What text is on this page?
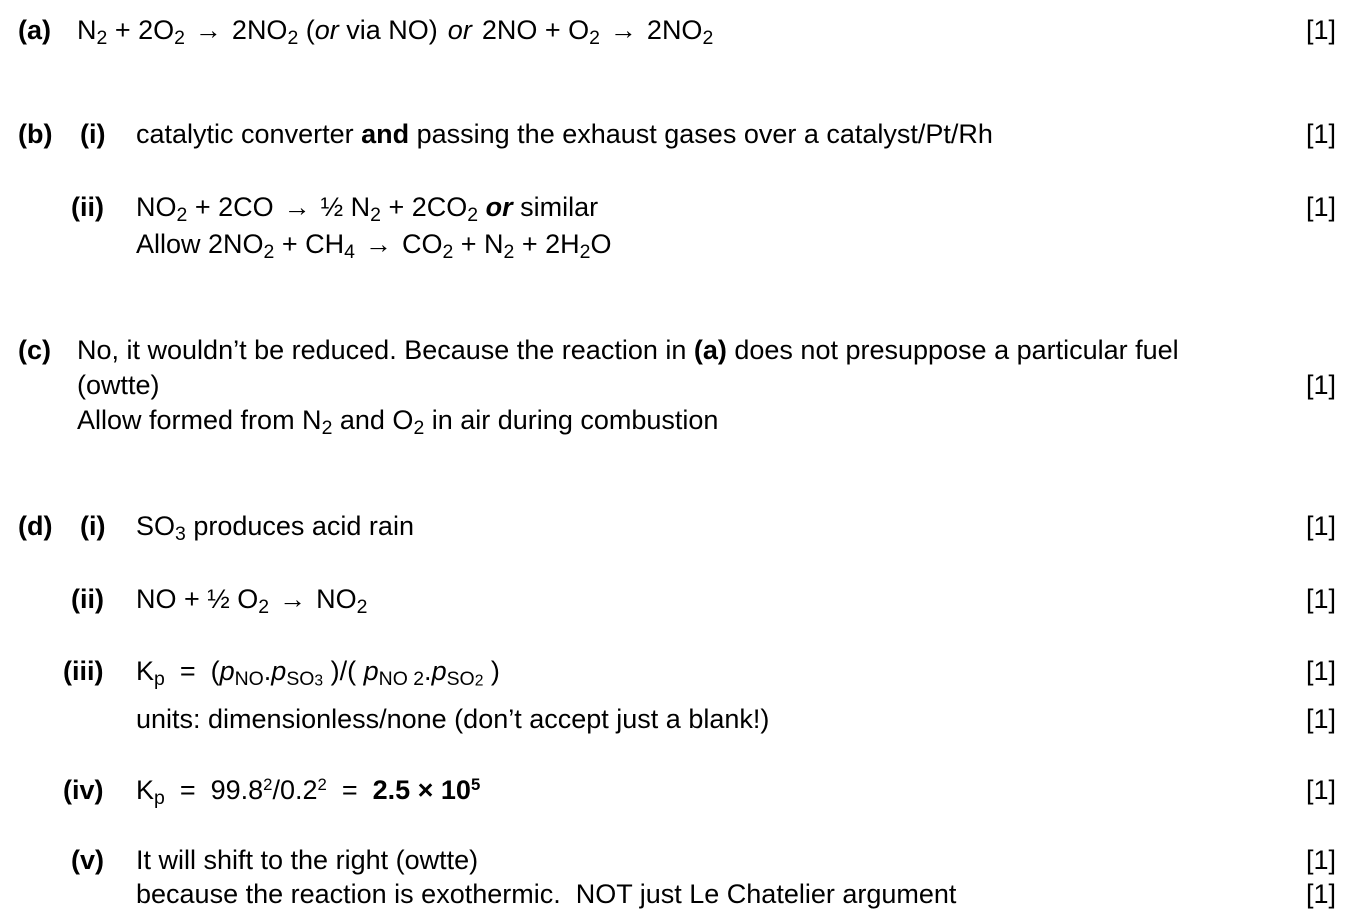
(a) $N_2 + 2O_2 \to 2NO_2$ (or via NO) or $2NO + O_2 \to 2NO_2$	[1]
(b) (i) catalytic converter and passing the exhaust gases over a catalyst/Pt/Rh	[1]
(ii) $NO_2 + 2CO$ → ½ $N_2 + 2CO_2$ or similar	[1]
Allow $2NO_2 + CH_4 \to CO_2 + N_2 + 2H_2O$
(c) No, it wouldn’t be reduced. Because the reaction in (a) does not presuppose a particular fuel
(owtte)	[1]
Allow formed from $N_2$ and $O_2$ in air during combustion
(d) (i) $SO_3$ produces acid rain	[1]
(ii) NO + ½ $O_2 \to NO_2$	[1]
(iii) $K_p = (p_{NO}.p_{SO3}$ )/( $p_{NO 2}.p_{SO2}$ )	[1]
units: dimensionless/none (don’t accept just a blank!)	[1]
(iv) $K_p = 99.8^2/0.2^2 = 2.5 \times 10^5$	[1]
(v) It will shift to the right (owtte)	[1]
because the reaction is exothermic.  NOT just Le Chatelier argument	[1]
